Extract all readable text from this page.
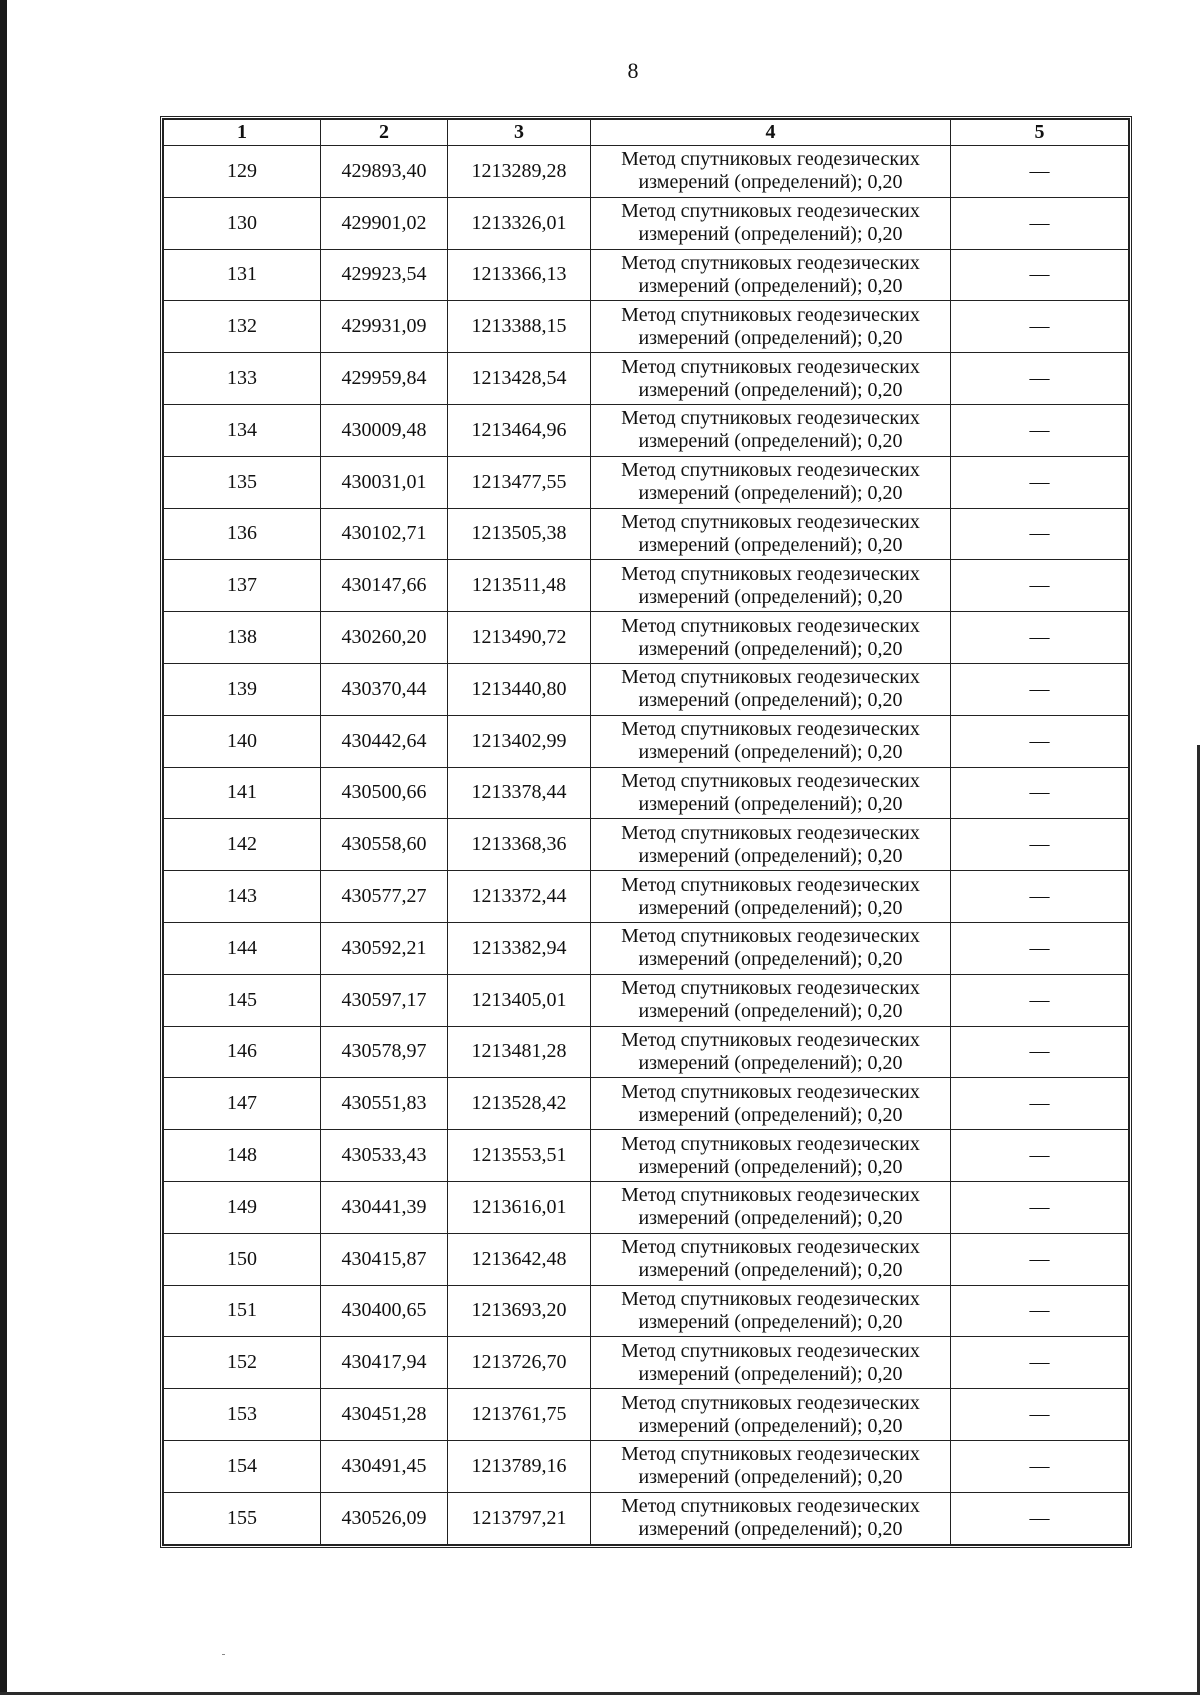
8
1	2	3	4	5
129	429893,40	1213289,28	Метод спутниковых геодезических
измерений (определений); 0,20	—
130	429901,02	1213326,01	Метод спутниковых геодезических
измерений (определений); 0,20	—
131	429923,54	1213366,13	Метод спутниковых геодезических
измерений (определений); 0,20	—
132	429931,09	1213388,15	Метод спутниковых геодезических
измерений (определений); 0,20	—
133	429959,84	1213428,54	Метод спутниковых геодезических
измерений (определений); 0,20	—
134	430009,48	1213464,96	Метод спутниковых геодезических
измерений (определений); 0,20	—
135	430031,01	1213477,55	Метод спутниковых геодезических
измерений (определений); 0,20	—
136	430102,71	1213505,38	Метод спутниковых геодезических
измерений (определений); 0,20	—
137	430147,66	1213511,48	Метод спутниковых геодезических
измерений (определений); 0,20	—
138	430260,20	1213490,72	Метод спутниковых геодезических
измерений (определений); 0,20	—
139	430370,44	1213440,80	Метод спутниковых геодезических
измерений (определений); 0,20	—
140	430442,64	1213402,99	Метод спутниковых геодезических
измерений (определений); 0,20	—
141	430500,66	1213378,44	Метод спутниковых геодезических
измерений (определений); 0,20	—
142	430558,60	1213368,36	Метод спутниковых геодезических
измерений (определений); 0,20	—
143	430577,27	1213372,44	Метод спутниковых геодезических
измерений (определений); 0,20	—
144	430592,21	1213382,94	Метод спутниковых геодезических
измерений (определений); 0,20	—
145	430597,17	1213405,01	Метод спутниковых геодезических
измерений (определений); 0,20	—
146	430578,97	1213481,28	Метод спутниковых геодезических
измерений (определений); 0,20	—
147	430551,83	1213528,42	Метод спутниковых геодезических
измерений (определений); 0,20	—
148	430533,43	1213553,51	Метод спутниковых геодезических
измерений (определений); 0,20	—
149	430441,39	1213616,01	Метод спутниковых геодезических
измерений (определений); 0,20	—
150	430415,87	1213642,48	Метод спутниковых геодезических
измерений (определений); 0,20	—
151	430400,65	1213693,20	Метод спутниковых геодезических
измерений (определений); 0,20	—
152	430417,94	1213726,70	Метод спутниковых геодезических
измерений (определений); 0,20	—
153	430451,28	1213761,75	Метод спутниковых геодезических
измерений (определений); 0,20	—
154	430491,45	1213789,16	Метод спутниковых геодезических
измерений (определений); 0,20	—
155	430526,09	1213797,21	Метод спутниковых геодезических
измерений (определений); 0,20	—
